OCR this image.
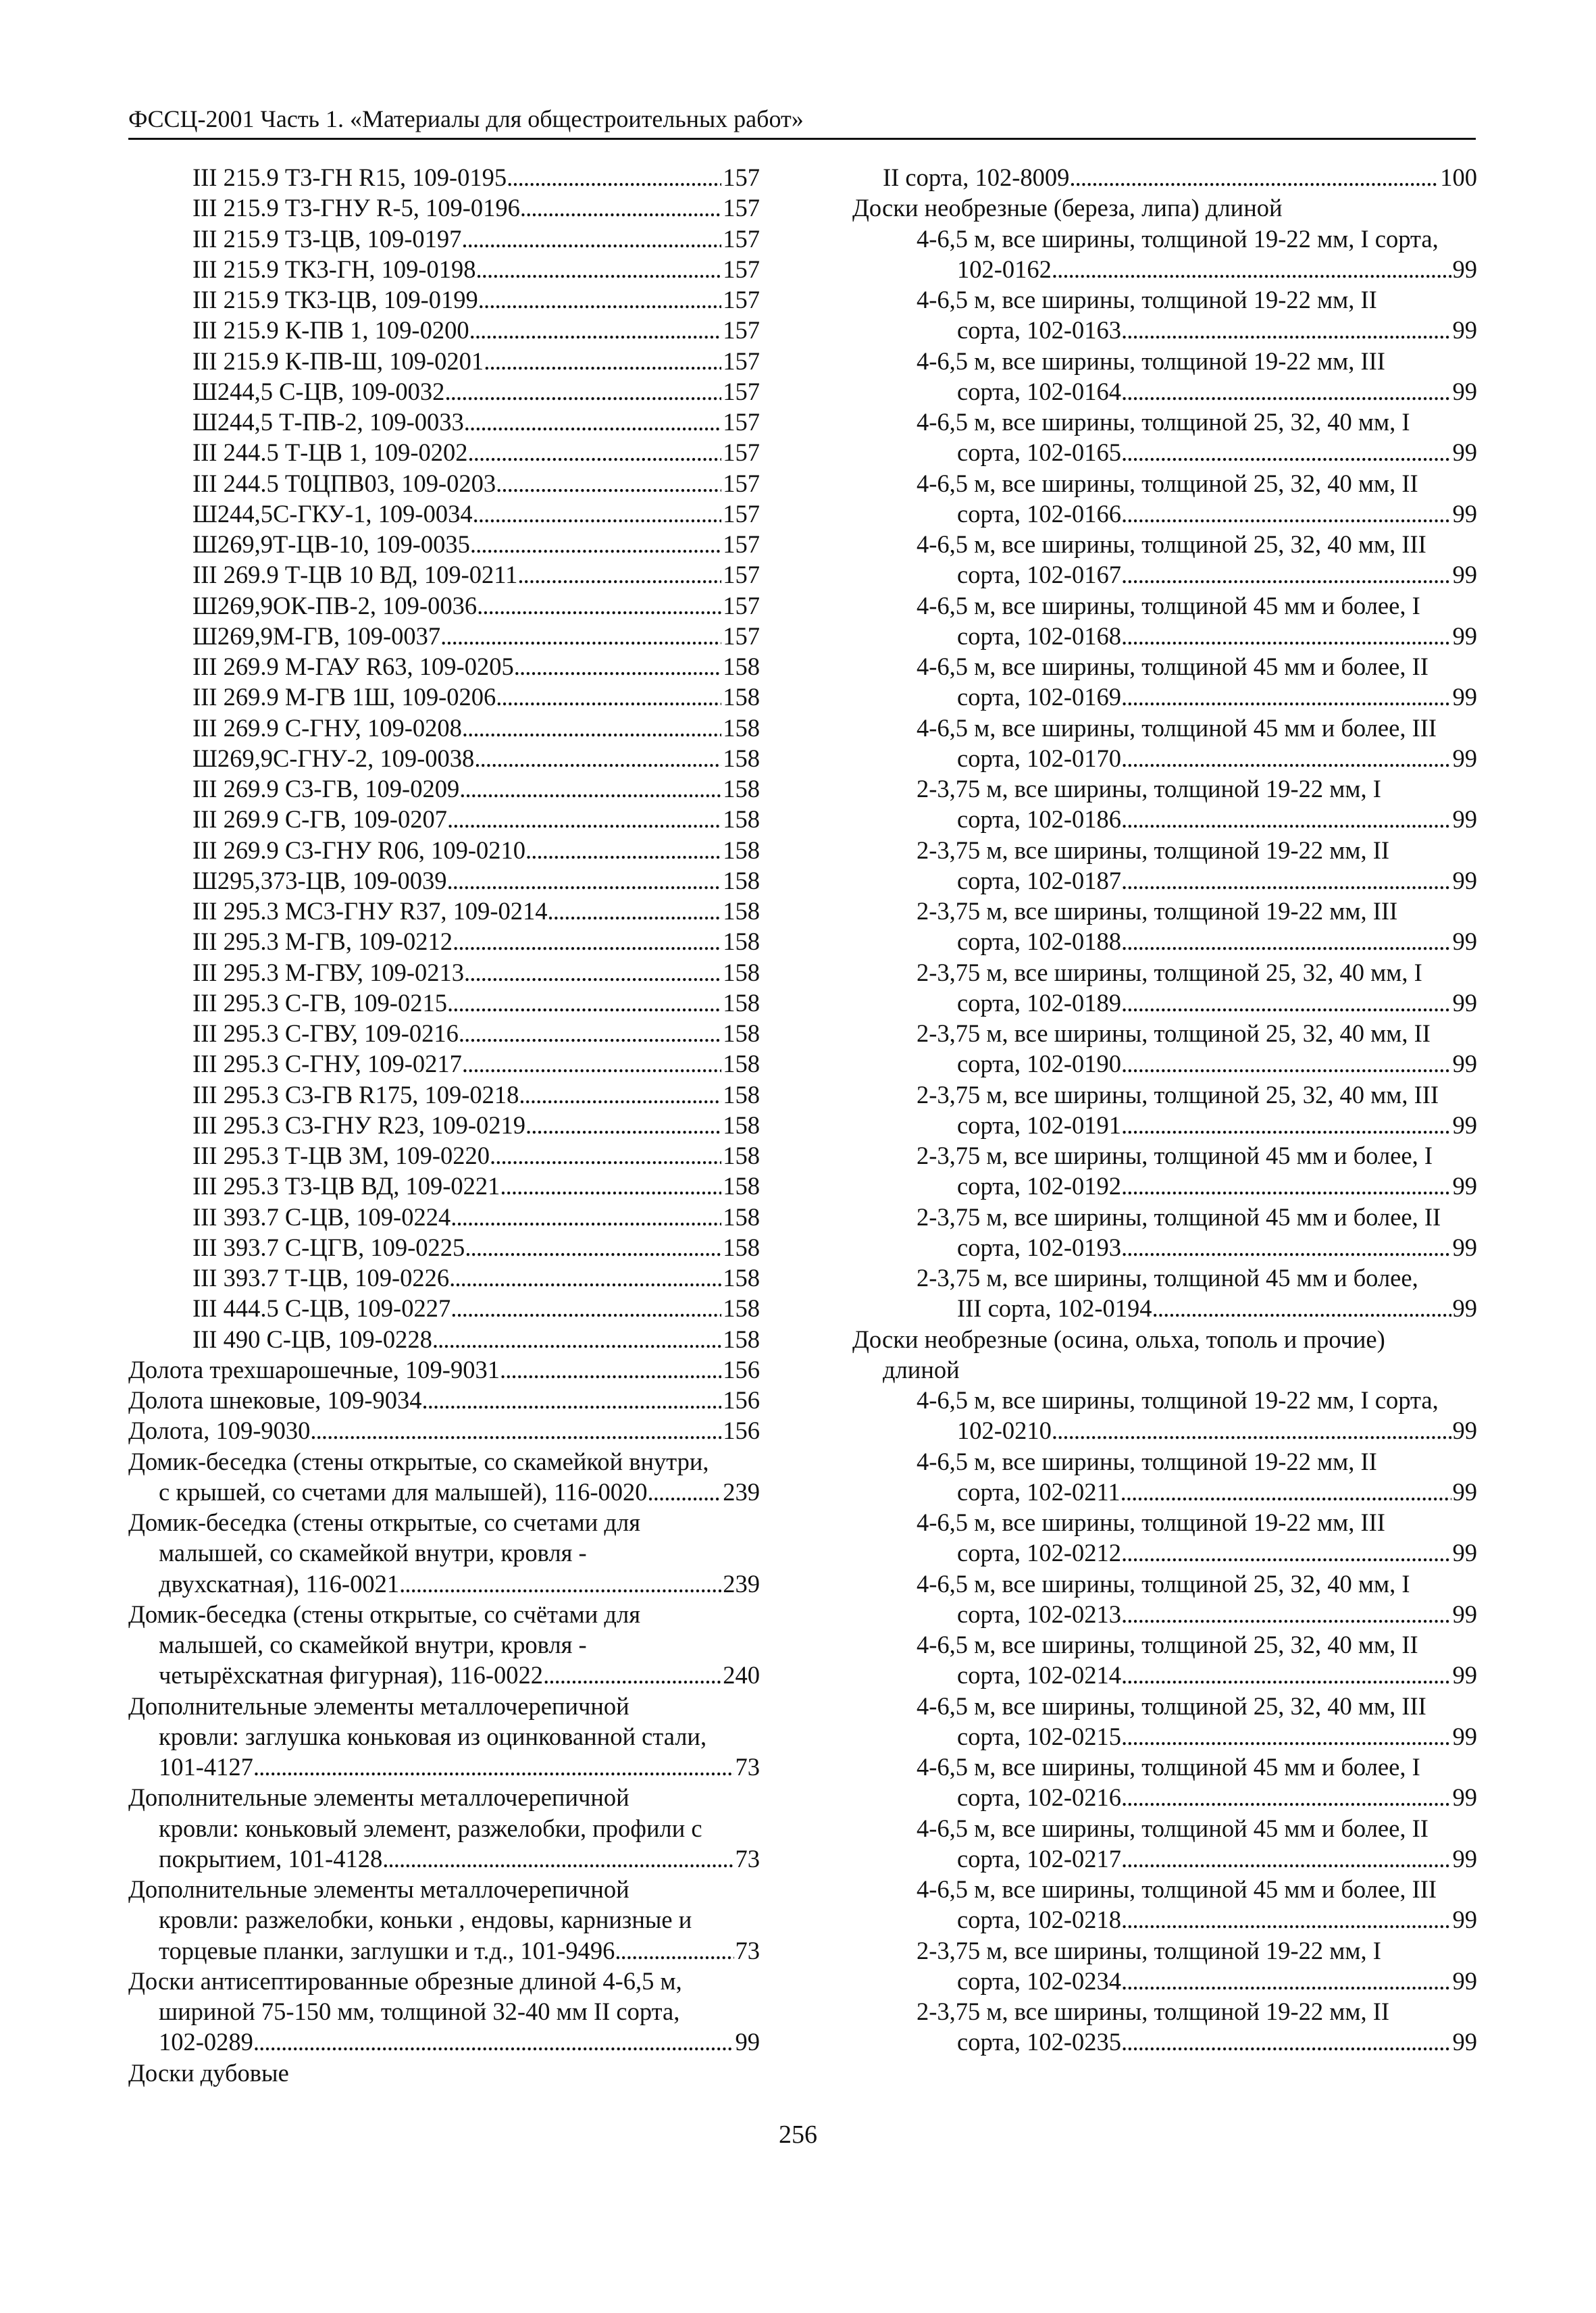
ФССЦ-2001 Часть 1. «Материалы для общестроительных работ»
III 215.9 Т3-ГН R15, 109-0195 . . .	157
III 215.9 Т3-ГНУ R-5, 109-0196 . . .	157
III 215.9 Т3-ЦВ, 109-0197 . . .	157
III 215.9 ТК3-ГН, 109-0198 . . .	157
III 215.9 ТК3-ЦВ, 109-0199 . . .	157
III 215.9 К-ПВ 1, 109-0200 . . .	157
III 215.9 К-ПВ-Ш, 109-0201 . . .	157
Ш244,5 С-ЦВ, 109-0032 . . .	157
Ш244,5 Т-ПВ-2, 109-0033 . . .	157
III 244.5 Т-ЦВ 1, 109-0202 . . .	157
III 244.5 Т0ЦПВ03, 109-0203 . . .	157
Ш244,5С-ГКУ-1, 109-0034 . . .	157
Ш269,9Т-ЦВ-10, 109-0035 . . .	157
III 269.9 Т-ЦВ 10 ВД, 109-0211 . . .	157
Ш269,9ОК-ПВ-2, 109-0036 . . .	157
Ш269,9М-ГВ, 109-0037 . . .	157
III 269.9 М-ГАУ R63, 109-0205 . . .	158
III 269.9 М-ГВ 1Ш, 109-0206 . . .	158
III 269.9 С-ГНУ, 109-0208 . . .	158
Ш269,9С-ГНУ-2, 109-0038 . . .	158
III 269.9 С3-ГВ, 109-0209 . . .	158
III 269.9 С-ГВ, 109-0207 . . .	158
III 269.9 С3-ГНУ R06, 109-0210 . . .	158
Ш295,373-ЦВ, 109-0039 . . .	158
III 295.3 МС3-ГНУ R37, 109-0214 . . .	158
III 295.3 М-ГВ, 109-0212 . . .	158
III 295.3 М-ГВУ, 109-0213 . . .	158
III 295.3 С-ГВ, 109-0215 . . .	158
III 295.3 С-ГВУ, 109-0216 . . .	158
III 295.3 С-ГНУ, 109-0217 . . .	158
III 295.3 С3-ГВ R175, 109-0218 . . .	158
III 295.3 С3-ГНУ R23, 109-0219 . . .	158
III 295.3 Т-ЦВ 3М, 109-0220 . . .	158
III 295.3 Т3-ЦВ ВД, 109-0221 . . .	158
III 393.7 С-ЦВ, 109-0224 . . .	158
III 393.7 С-ЦГВ, 109-0225 . . .	158
III 393.7 Т-ЦВ, 109-0226 . . .	158
III 444.5 С-ЦВ, 109-0227 . . .	158
III 490 С-ЦВ, 109-0228 . . .	158
Долота трехшарошечные, 109-9031 . . .	156
Долота шнековые, 109-9034 . . .	156
Долота, 109-9030 . . .	156
Домик-беседка (стены открытые, со скамейкой внутри,
с крышей, со счетами для малышей), 116-0020 . . .	239
Домик-беседка (стены открытые, со счетами для
малышей, со скамейкой внутри, кровля -
двухскатная), 116-0021 . . .	239
Домик-беседка (стены открытые, со счётами для
малышей, со скамейкой внутри, кровля -
четырёхскатная фигурная), 116-0022 . . .	240
Дополнительные элементы металлочерепичной
кровли: заглушка коньковая из оцинкованной стали,
101-4127 . . .	73
Дополнительные элементы металлочерепичной
кровли: коньковый элемент, разжелобки, профили с
покрытием, 101-4128 . . .	73
Дополнительные элементы металлочерепичной
кровли: разжелобки, коньки , ендовы, карнизные и
торцевые планки, заглушки и т.д., 101-9496 . . .	73
Доски антисептированные обрезные длиной 4-6,5 м,
шириной 75-150 мм, толщиной 32-40 мм II сорта,
102-0289 . . .	99
Доски дубовые
II сорта, 102-8009 . . .	100
Доски необрезные (береза, липа) длиной
4-6,5 м, все ширины, толщиной 19-22 мм, I сорта,
102-0162 . . .	99
4-6,5 м, все ширины, толщиной 19-22 мм, II
сорта, 102-0163 . . .	99
4-6,5 м, все ширины, толщиной 19-22 мм, III
сорта, 102-0164 . . .	99
4-6,5 м, все ширины, толщиной 25, 32, 40 мм, I
сорта, 102-0165 . . .	99
4-6,5 м, все ширины, толщиной 25, 32, 40 мм, II
сорта, 102-0166 . . .	99
4-6,5 м, все ширины, толщиной 25, 32, 40 мм, III
сорта, 102-0167 . . .	99
4-6,5 м, все ширины, толщиной 45 мм и более, I
сорта, 102-0168 . . .	99
4-6,5 м, все ширины, толщиной 45 мм и более, II
сорта, 102-0169 . . .	99
4-6,5 м, все ширины, толщиной 45 мм и более, III
сорта, 102-0170 . . .	99
2-3,75 м, все ширины, толщиной 19-22 мм, I
сорта, 102-0186 . . .	99
2-3,75 м, все ширины, толщиной 19-22 мм, II
сорта, 102-0187 . . .	99
2-3,75 м, все ширины, толщиной 19-22 мм, III
сорта, 102-0188 . . .	99
2-3,75 м, все ширины, толщиной 25, 32, 40 мм, I
сорта, 102-0189 . . .	99
2-3,75 м, все ширины, толщиной 25, 32, 40 мм, II
сорта, 102-0190 . . .	99
2-3,75 м, все ширины, толщиной 25, 32, 40 мм, III
сорта, 102-0191 . . .	99
2-3,75 м, все ширины, толщиной 45 мм и более, I
сорта, 102-0192 . . .	99
2-3,75 м, все ширины, толщиной 45 мм и более, II
сорта, 102-0193 . . .	99
2-3,75 м, все ширины, толщиной 45 мм и более,
III сорта, 102-0194 . . .	99
Доски необрезные (осина, ольха, тополь и прочие)
длиной
4-6,5 м, все ширины, толщиной 19-22 мм, I сорта,
102-0210 . . .	99
4-6,5 м, все ширины, толщиной 19-22 мм, II
сорта, 102-0211 . . .	99
4-6,5 м, все ширины, толщиной 19-22 мм, III
сорта, 102-0212 . . .	99
4-6,5 м, все ширины, толщиной 25, 32, 40 мм, I
сорта, 102-0213 . . .	99
4-6,5 м, все ширины, толщиной 25, 32, 40 мм, II
сорта, 102-0214 . . .	99
4-6,5 м, все ширины, толщиной 25, 32, 40 мм, III
сорта, 102-0215 . . .	99
4-6,5 м, все ширины, толщиной 45 мм и более, I
сорта, 102-0216 . . .	99
4-6,5 м, все ширины, толщиной 45 мм и более, II
сорта, 102-0217 . . .	99
4-6,5 м, все ширины, толщиной 45 мм и более, III
сорта, 102-0218 . . .	99
2-3,75 м, все ширины, толщиной 19-22 мм, I
сорта, 102-0234 . . .	99
2-3,75 м, все ширины, толщиной 19-22 мм, II
сорта, 102-0235 . . .	99
256
